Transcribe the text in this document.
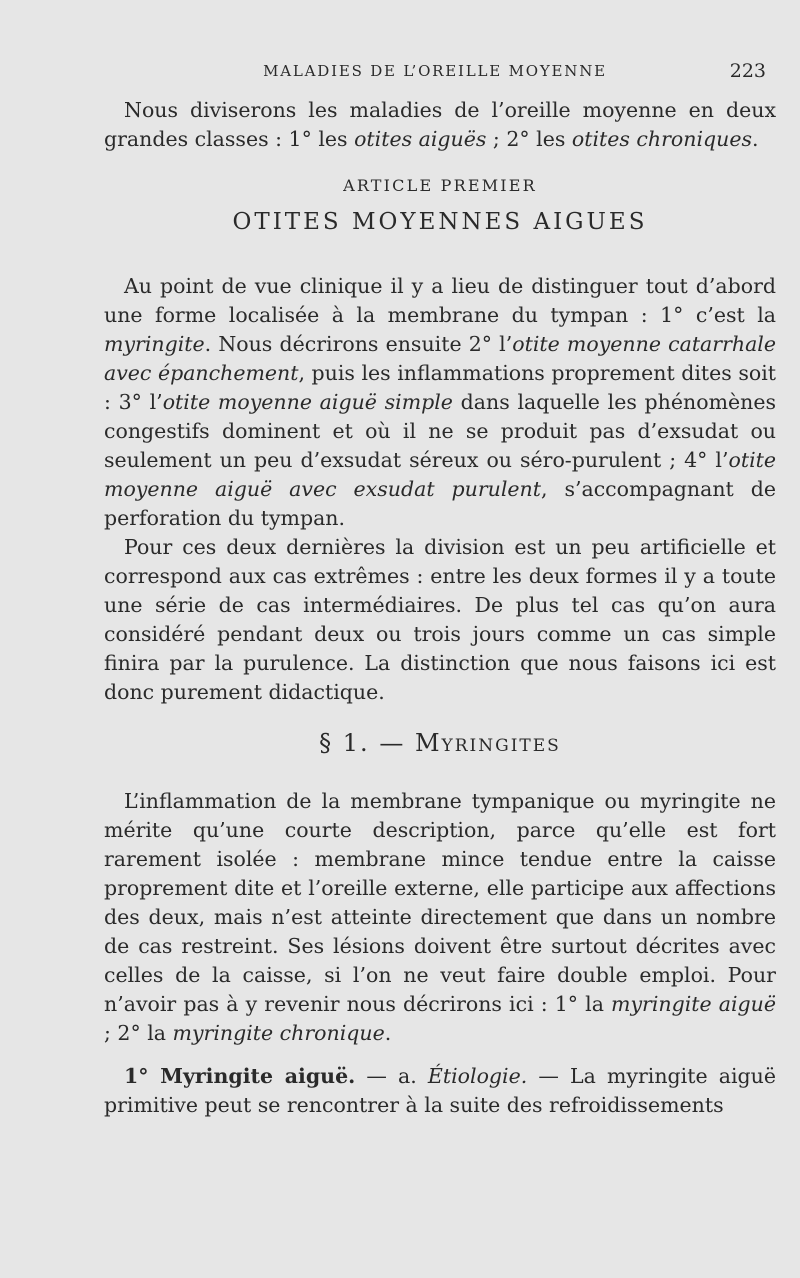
MALADIES DE L’OREILLE MOYENNE	223

Nous diviserons les maladies de l’oreille moyenne en deux grandes classes : 1° les otites aiguës ; 2° les otites chroniques.

ARTICLE PREMIER
OTITES MOYENNES AIGUES

Au point de vue clinique il y a lieu de distinguer tout d’abord une forme localisée à la membrane du tympan : 1° c’est la myringite. Nous décrirons ensuite 2° l’otite moyenne catarrhale avec épanchement, puis les inflammations proprement dites soit : 3° l’otite moyenne aiguë simple dans laquelle les phénomènes congestifs dominent et où il ne se produit pas d’exsudat ou seulement un peu d’exsudat séreux ou séro-purulent ; 4° l’otite moyenne aiguë avec exsudat purulent, s’accompagnant de perforation du tympan.

Pour ces deux dernières la division est un peu artificielle et correspond aux cas extrêmes : entre les deux formes il y a toute une série de cas intermédiaires. De plus tel cas qu’on aura considéré pendant deux ou trois jours comme un cas simple finira par la purulence. La distinction que nous faisons ici est donc purement didactique.

§ 1. — Myringites

L’inflammation de la membrane tympanique ou myringite ne mérite qu’une courte description, parce qu’elle est fort rarement isolée : membrane mince tendue entre la caisse proprement dite et l’oreille externe, elle participe aux affections des deux, mais n’est atteinte directement que dans un nombre de cas restreint. Ses lésions doivent être surtout décrites avec celles de la caisse, si l’on ne veut faire double emploi. Pour n’avoir pas à y revenir nous décrirons ici : 1° la myringite aiguë ; 2° la myringite chronique.

1° Myringite aiguë. — a. Étiologie. — La myringite aiguë primitive peut se rencontrer à la suite des refroidissements
